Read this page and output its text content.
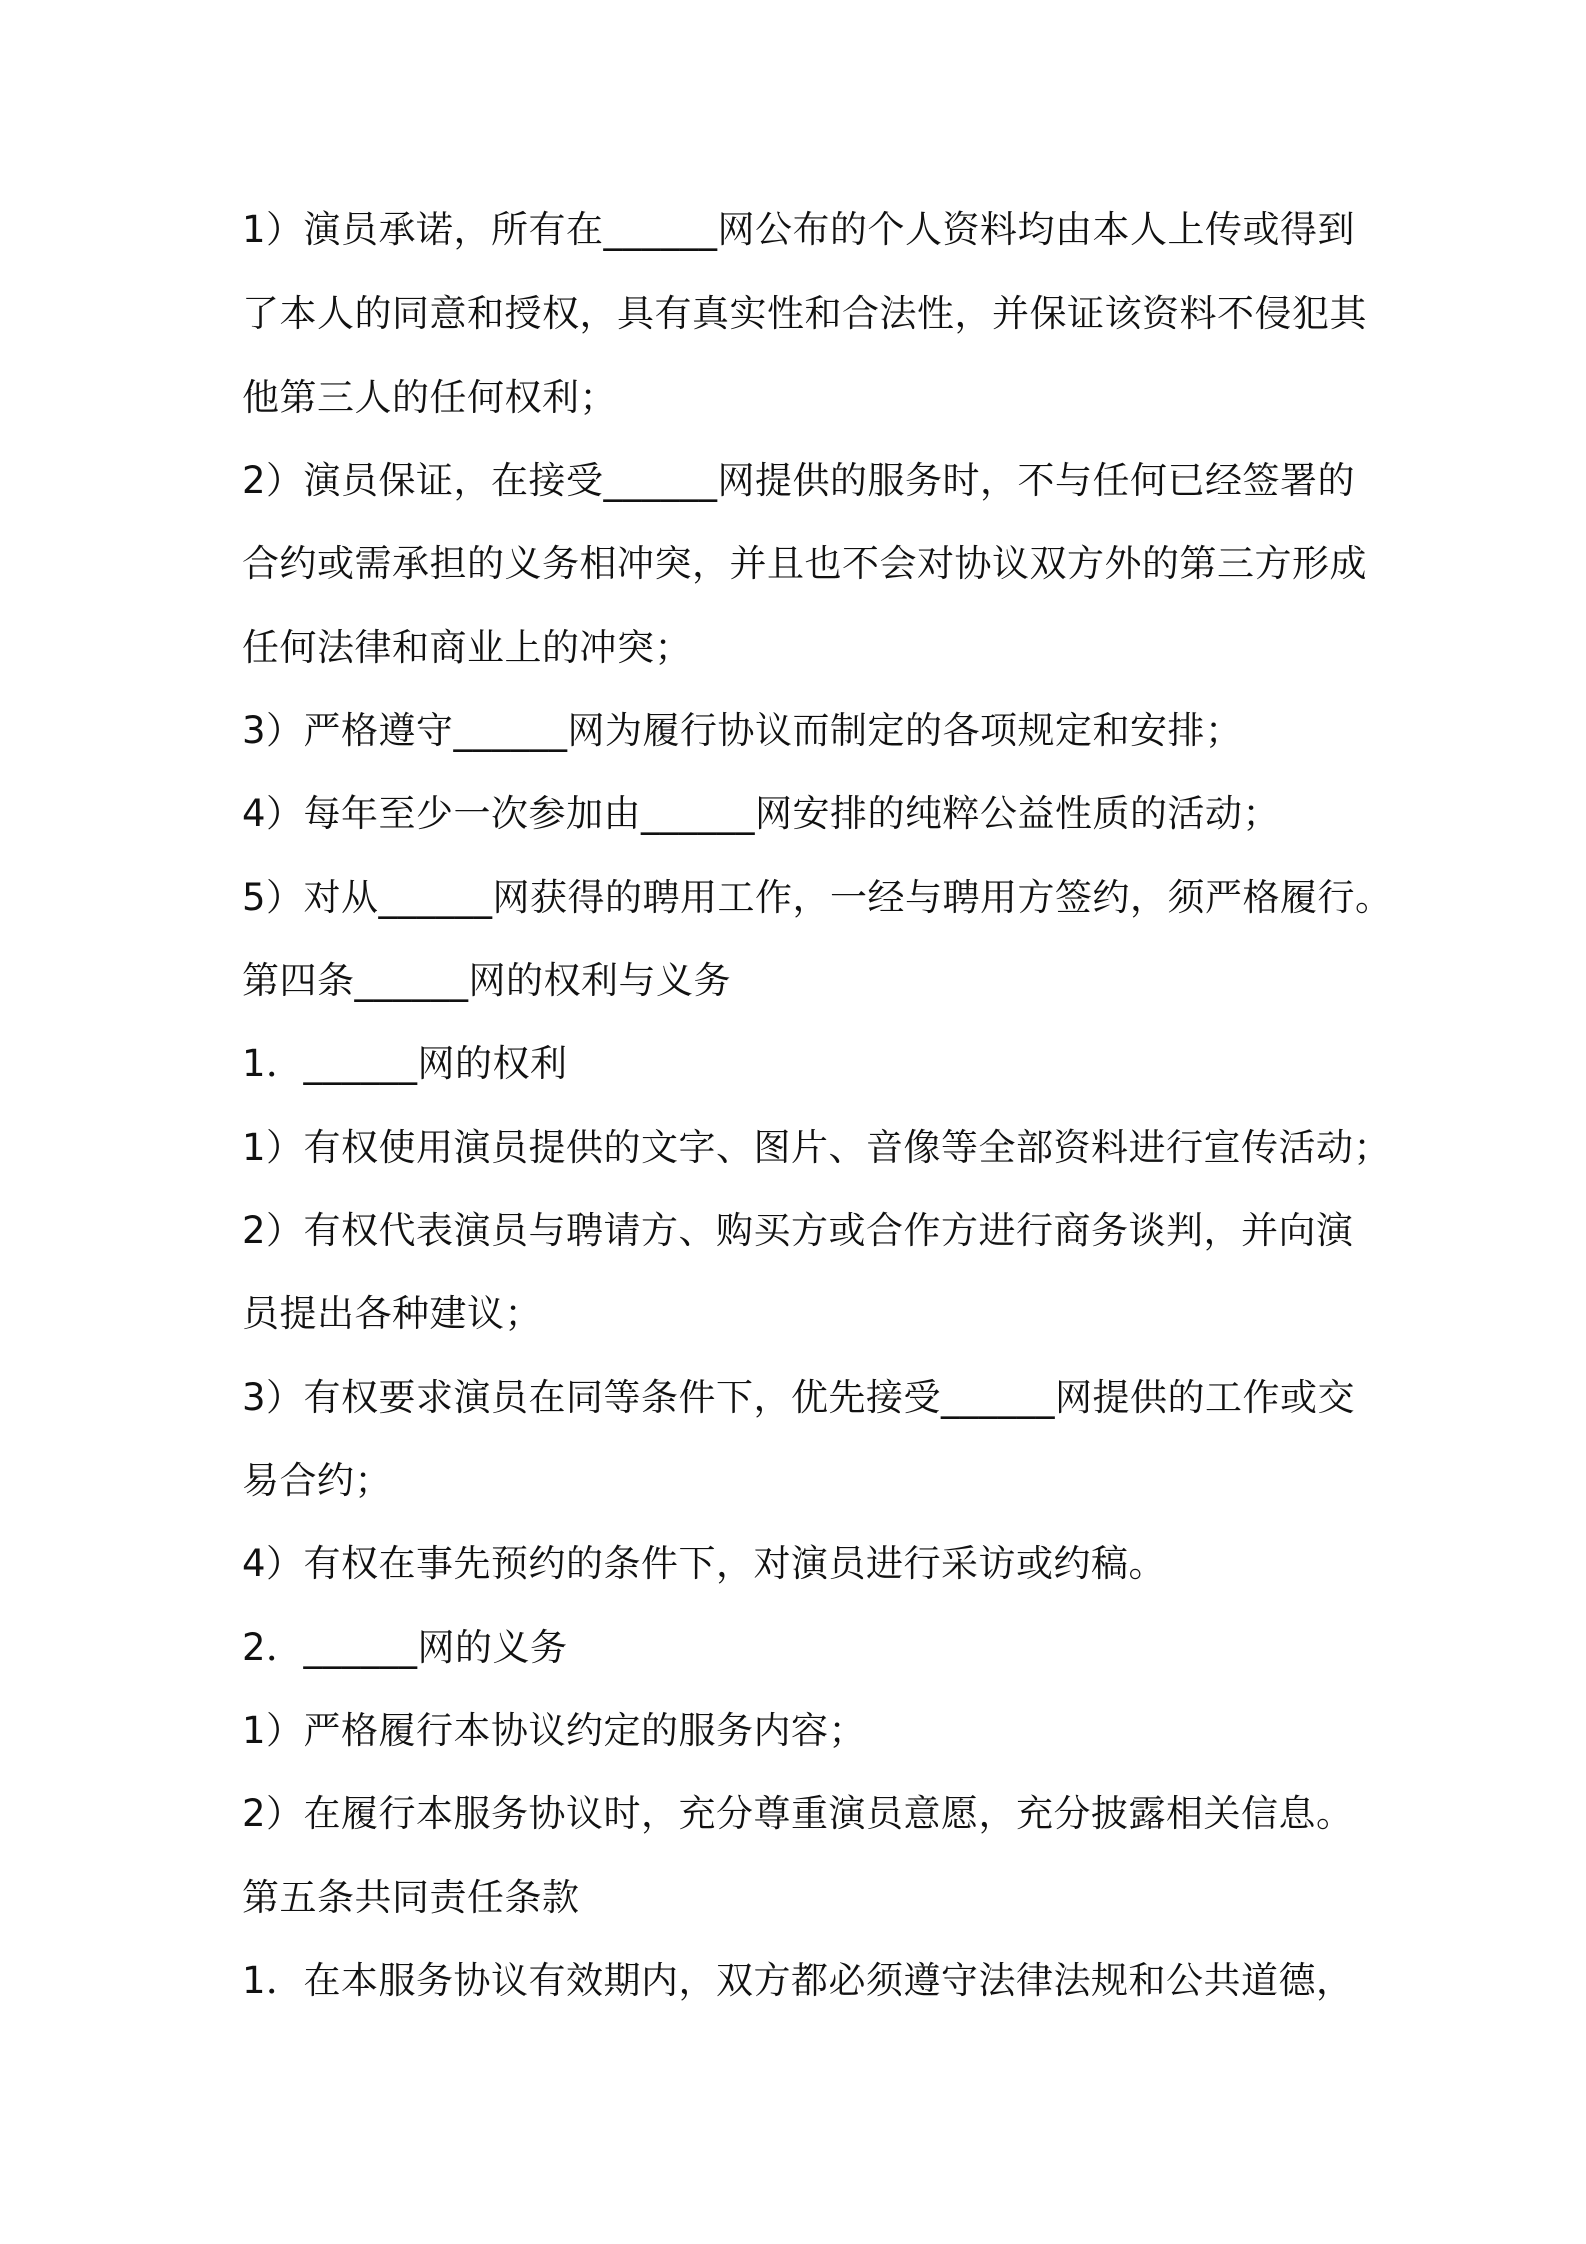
1）演员承诺，所有在______网公布的个人资料均由本人上传或得到
了本人的同意和授权，具有真实性和合法性，并保证该资料不侵犯其
他第三人的任何权利；
2）演员保证，在接受______网提供的服务时，不与任何已经签署的
合约或需承担的义务相冲突，并且也不会对协议双方外的第三方形成
任何法律和商业上的冲突；
3）严格遵守______网为履行协议而制定的各项规定和安排；
4）每年至少一次参加由______网安排的纯粹公益性质的活动；
5）对从______网获得的聘用工作，一经与聘用方签约，须严格履行。
第四条______网的权利与义务
1．______网的权利
1）有权使用演员提供的文字、图片、音像等全部资料进行宣传活动；
2）有权代表演员与聘请方、购买方或合作方进行商务谈判，并向演
员提出各种建议；
3）有权要求演员在同等条件下，优先接受______网提供的工作或交
易合约；
4）有权在事先预约的条件下，对演员进行采访或约稿。
2．______网的义务
1）严格履行本协议约定的服务内容；
2）在履行本服务协议时，充分尊重演员意愿，充分披露相关信息。
第五条共同责任条款
1．在本服务协议有效期内，双方都必须遵守法律法规和公共道德，
